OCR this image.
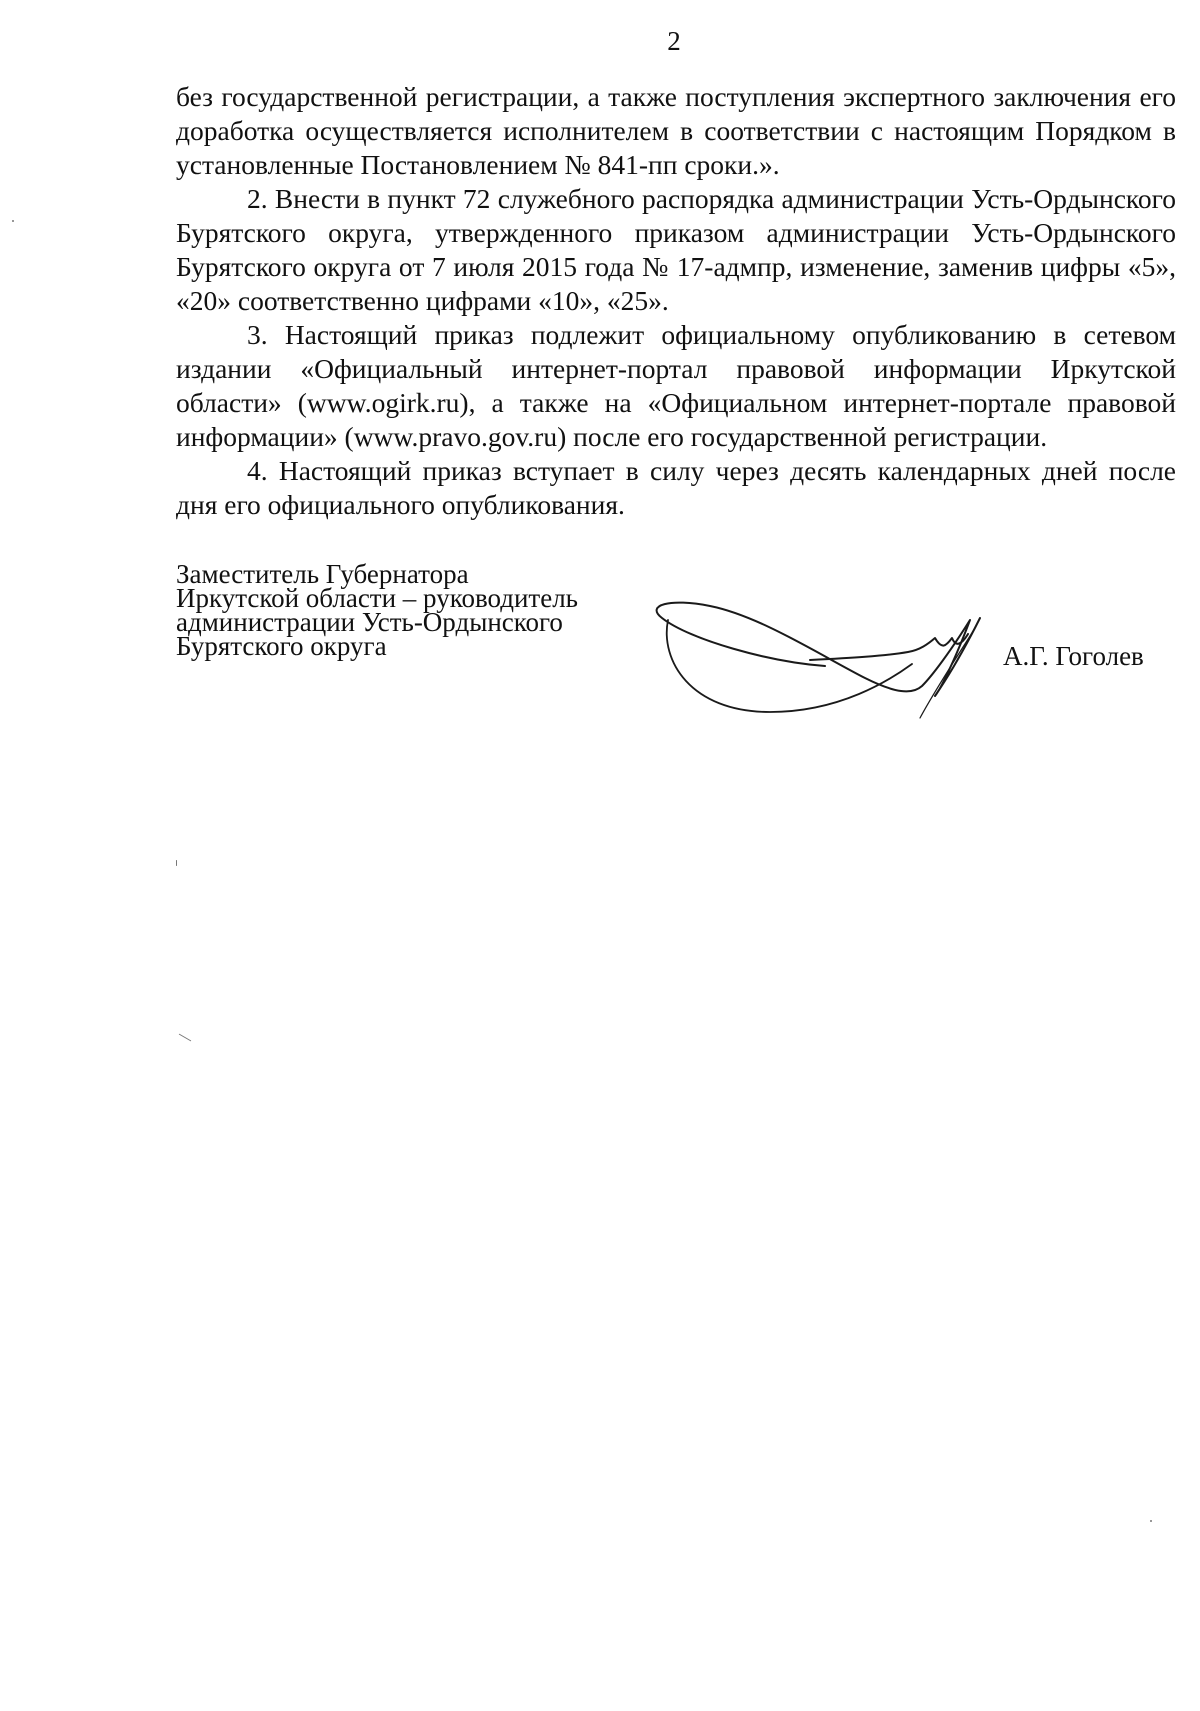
2

без государственной регистрации, а также поступления экспертного заключения его доработка осуществляется исполнителем в соответствии с настоящим Порядком в установленные Постановлением № 841-пп сроки.».

2. Внести в пункт 72 служебного распорядка администрации Усть-Ордынского Бурятского округа, утвержденного приказом администрации Усть-Ордынского Бурятского округа от 7 июля 2015 года № 17-адмпр, изменение, заменив цифры «5», «20» соответственно цифрами «10», «25».

3. Настоящий приказ подлежит официальному опубликованию в сетевом издании «Официальный интернет-портал правовой информации Иркутской области» (www.ogirk.ru), а также на «Официальном интернет-портале правовой информации» (www.pravo.gov.ru) после его государственной регистрации.

4. Настоящий приказ вступает в силу через десять календарных дней после дня его официального опубликования.

Заместитель Губернатора
Иркутской области – руководитель
администрации Усть-Ордынского
Бурятского округа	А.Г. Гоголев
